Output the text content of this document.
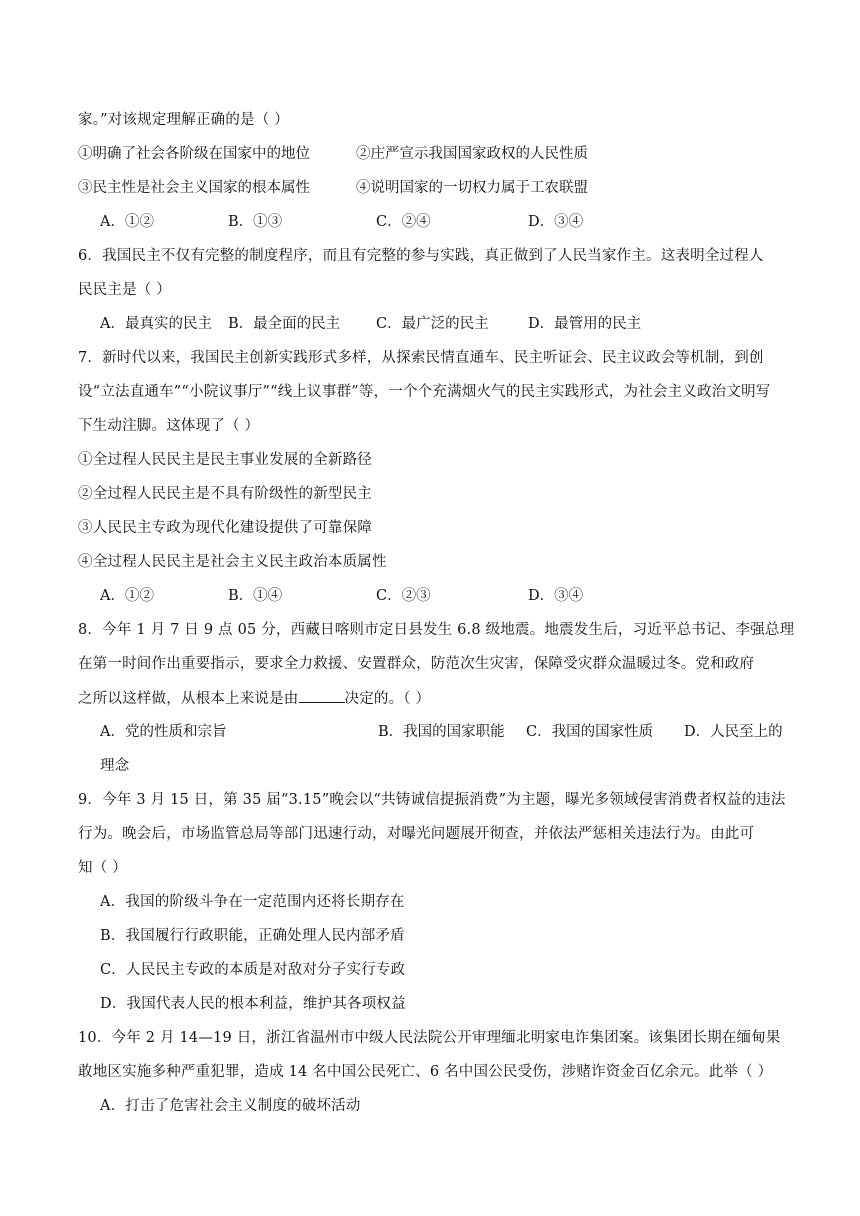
家。”对该规定理解正确的是（ ）
①明确了社会各阶级在国家中的地位	②庄严宣示我国国家政权的人民性质
③民主性是社会主义国家的根本属性	④说明国家的一切权力属于工农联盟
A．①②	B．①③	C．②④	D．③④
6．我国民主不仅有完整的制度程序，而且有完整的参与实践，真正做到了人民当家作主。这表明全过程人
民民主是（ ）
A．最真实的民主 B．最全面的民主 C．最广泛的民主	D．最管用的民主
7．新时代以来，我国民主创新实践形式多样，从探索民情直通车、民主听证会、民主议政会等机制，到创
设“立法直通车”“小院议事厅”“线上议事群”等，一个个充满烟火气的民主实践形式，为社会主义政治文明写
下生动注脚。这体现了（ ）
①全过程人民民主是民主事业发展的全新路径
②全过程人民民主是不具有阶级性的新型民主
③人民民主专政为现代化建设提供了可靠保障
④全过程人民民主是社会主义民主政治本质属性
A．①②	B．①④	C．②③	D．③④
8．今年 1 月 7 日 9 点 05 分，西藏日喀则市定日县发生 6.8 级地震。地震发生后，习近平总书记、李强总理
在第一时间作出重要指示，要求全力救援、安置群众，防范次生灾害，保障受灾群众温暖过冬。党和政府
之所以这样做，从根本上来说是由	决定的。（ ）
A．党的性质和宗旨	B．我国的国家职能 C．我国的国家性质 D．人民至上的
理念
9．今年 3 月 15 日，第 35 届“3.15”晚会以“共铸诚信提振消费”为主题，曝光多领域侵害消费者权益的违法
行为。晚会后，市场监管总局等部门迅速行动，对曝光问题展开彻查，并依法严惩相关违法行为。由此可
知（ ）
A．我国的阶级斗争在一定范围内还将长期存在
B．我国履行行政职能，正确处理人民内部矛盾
C．人民民主专政的本质是对敌对分子实行专政
D．我国代表人民的根本利益，维护其各项权益
10．今年 2 月 14—19 日，浙江省温州市中级人民法院公开审理缅北明家电诈集团案。该集团长期在缅甸果
敢地区实施多种严重犯罪，造成 14 名中国公民死亡、6 名中国公民受伤，涉赌诈资金百亿余元。此举（ ）
A．打击了危害社会主义制度的破坏活动
